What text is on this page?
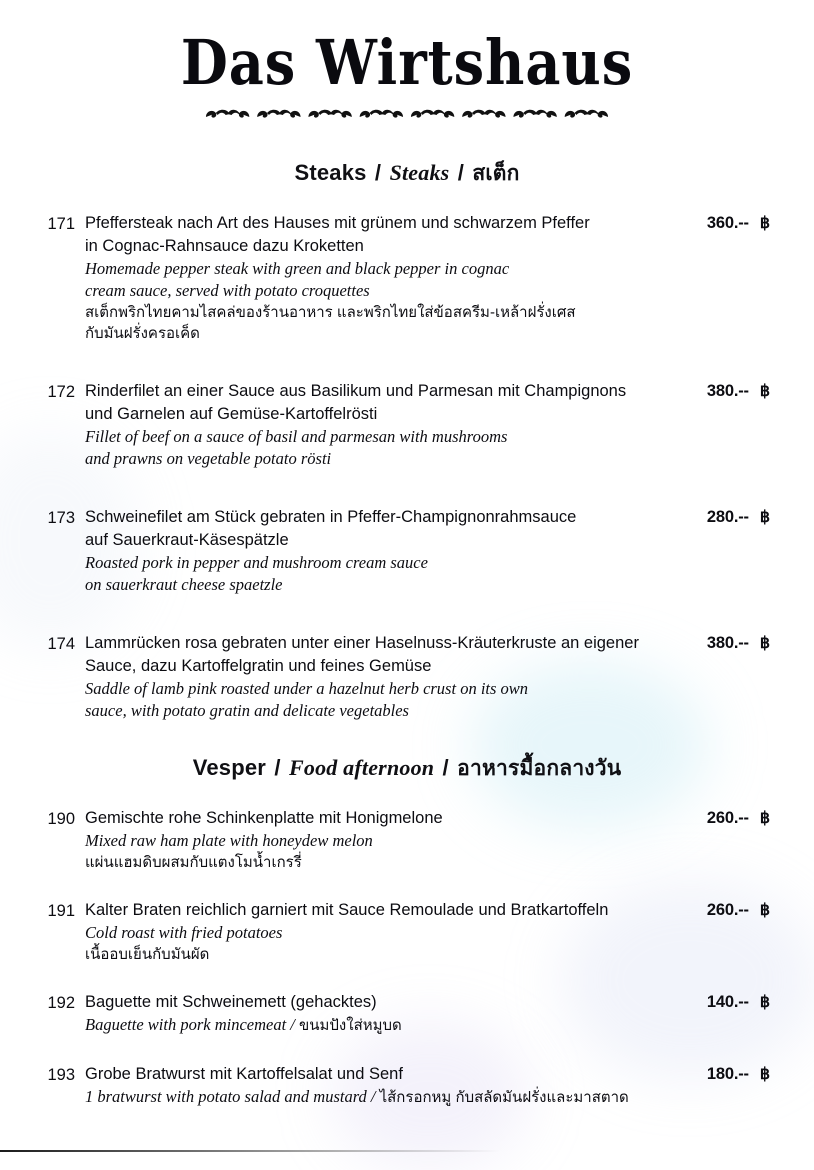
Das Wirtshaus
Steaks / Steaks / สเต็ก
171 Pfeffersteak nach Art des Hauses mit grünem und schwarzem Pfeffer
in Cognac-Rahnsauce dazu Kroketten
Homemade pepper steak with green and black pepper in cognac
cream sauce, served with potato croquettes
สเต็กพริกไทยคามไสคล่ของร้านอาหาร และพริกไทยใส่ข้อสครีม-เหล้าฝรั่งเศส
กับมันฝรั่งครอเค็ด
360.-- ฿
172 Rinderfilet an einer Sauce aus Basilikum und Parmesan mit Champignons
und Garnelen auf Gemüse-Kartoffelrösti
Fillet of beef on a sauce of basil and parmesan with mushrooms
and prawns on vegetable potato rösti
380.-- ฿
173 Schweinefilet am Stück gebraten in Pfeffer-Champignonrahmsauce
auf Sauerkraut-Käsespätzle
Roasted pork in pepper and mushroom cream sauce
on sauerkraut cheese spaetzle
280.-- ฿
174 Lammrücken rosa gebraten unter einer Haselnuss-Kräuterkruste an eigener
Sauce, dazu Kartoffelgratin und feines Gemüse
Saddle of lamb pink roasted under a hazelnut herb crust on its own
sauce, with potato gratin and delicate vegetables
380.-- ฿
Vesper / Food afternoon / อาหารมื้อกลางวัน
190 Gemischte rohe Schinkenplatte mit Honigmelone
Mixed raw ham plate with honeydew melon
แผ่นแฮมดิบผสมกับแตงโมน้ำเกรรี่
260.-- ฿
191 Kalter Braten reichlich garniert mit Sauce Remoulade und Bratkartoffeln
Cold roast with fried potatoes
เนื้ออบเย็นกับมันผัด
260.-- ฿
192 Baguette mit Schweinemett (gehacktes)
Baguette with pork mincemeat / ขนมปังใส่หมูบด
140.-- ฿
193 Grobe Bratwurst mit Kartoffelsalat und Senf
1 bratwurst with potato salad and mustard / ไส้กรอกหมู กับสลัดมันฝรั่งและมาสตาด
180.-- ฿
